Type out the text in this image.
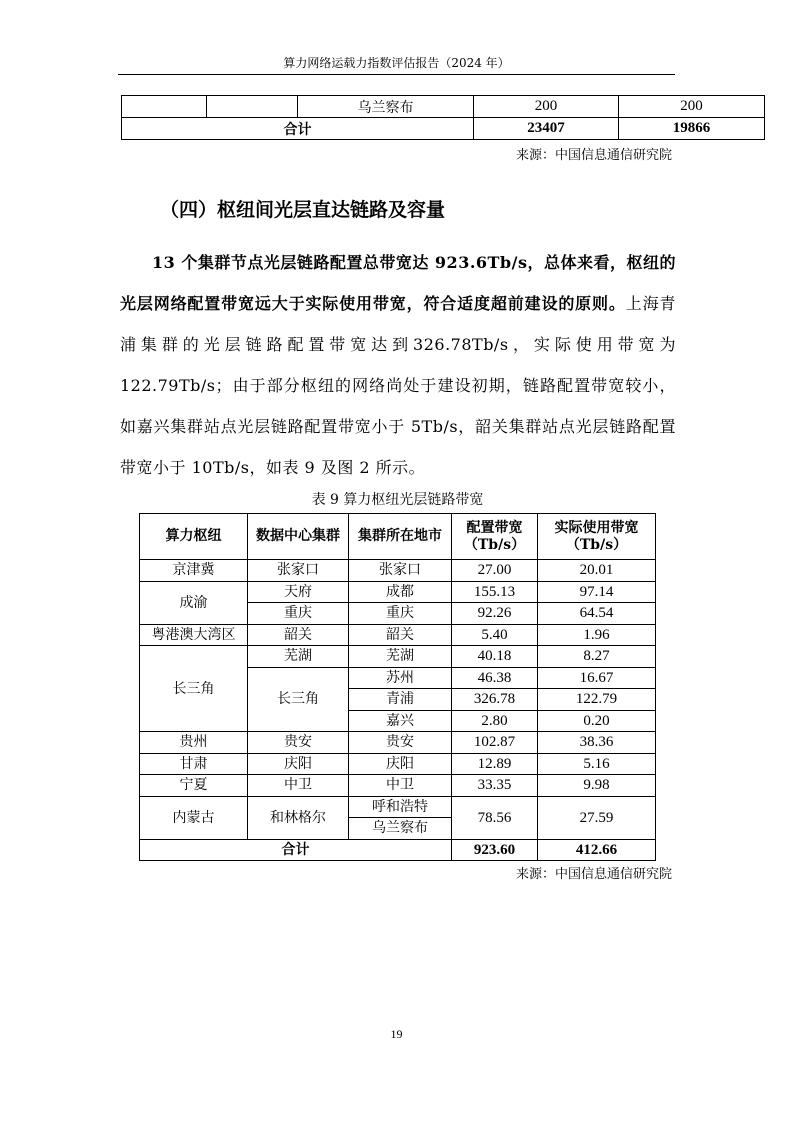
算力网络运载力指数评估报告（2024 年）
		乌兰察布	200	200
合计			23407	19866
来源：中国信息通信研究院
（四）枢纽间光层直达链路及容量

13 个集群节点光层链路配置总带宽达 923.6Tb/s，总体来看，枢纽的光层网络配置带宽远大于实际使用带宽，符合适度超前建设的原则。上海青浦集群的光层链路配置带宽达到326.78Tb/s，实际使用带宽为 122.79Tb/s；由于部分枢纽的网络尚处于建设初期，链路配置带宽较小，如嘉兴集群站点光层链路配置带宽小于 5Tb/s，韶关集群站点光层链路配置带宽小于 10Tb/s，如表 9 及图 2 所示。

表 9 算力枢纽光层链路带宽
算力枢纽	数据中心集群	集群所在地市	配置带宽（Tb/s）	实际使用带宽（Tb/s）
京津冀	张家口	张家口	27.00	20.01
成渝	天府	成都	155.13	97.14
	重庆	重庆	92.26	64.54
粤港澳大湾区	韶关	韶关	5.40	1.96
长三角	芜湖	芜湖	40.18	8.27
	长三角	苏州	46.38	16.67
		青浦	326.78	122.79
		嘉兴	2.80	0.20
贵州	贵安	贵安	102.87	38.36
甘肃	庆阳	庆阳	12.89	5.16
宁夏	中卫	中卫	33.35	9.98
内蒙古	和林格尔	呼和浩特	78.56	27.59
		乌兰察布		
合计			923.60	412.66
来源：中国信息通信研究院
19
